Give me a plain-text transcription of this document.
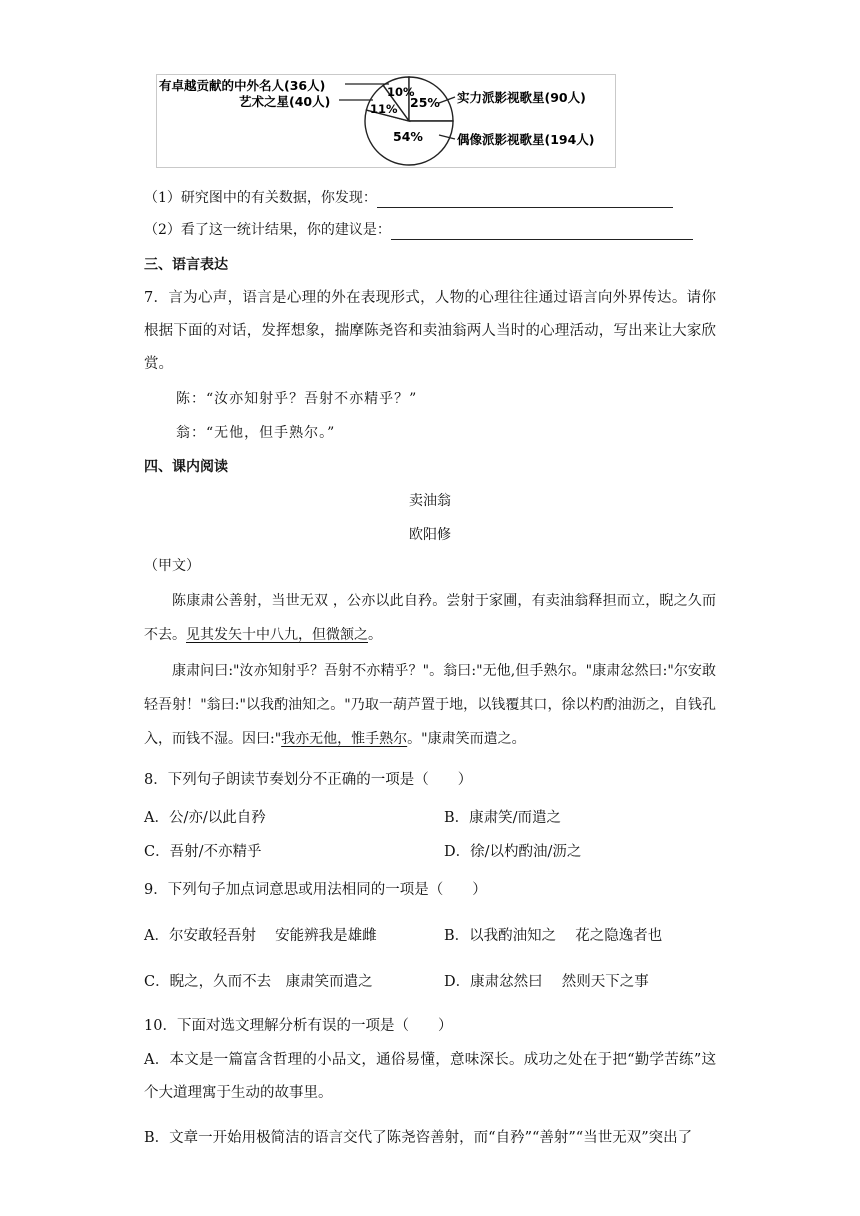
有卓越贡献的中外名人(36人)
艺术之星(40人)	实力派影视歌星(90人)
偶像派影视歌星(194人)
10%
11% 25%
54%
（1）研究图中的有关数据，你发现：
（2）看了这一统计结果，你的建议是：
三、语言表达
7．言为心声，语言是心理的外在表现形式，人物的心理往往通过语言向外界传达。请你根据下面的对话，发挥想象，揣摩陈尧咨和卖油翁两人当时的心理活动，写出来让大家欣赏。
陈：“汝亦知射乎？吾射不亦精乎？”
翁：“无他，但手熟尔。”
四、课内阅读
卖油翁
欧阳修
（甲文）
陈康肃公善射，当世无双 ，公亦以此自矜。尝射于家圃，有卖油翁释担而立，睨之久而不去。见其发矢十中八九，但微颔之。
康肃问曰:"汝亦知射乎？吾射不亦精乎？"。翁曰:"无他,但手熟尔。"康肃忿然曰:"尔安敢轻吾射！"翁曰:"以我酌油知之。"乃取一葫芦置于地，以钱覆其口，徐以杓酌油沥之，自钱孔入，而钱不湿。因曰:"我亦无他，惟手熟尔。"康肃笑而遣之。
8．下列句子朗读节奏划分不正确的一项是（　　）
A．公/亦/以此自矜	B．康肃笑/而遣之
C．吾射/不亦精乎	D．徐/以杓酌油/沥之
9．下列句子加点词意思或用法相同的一项是（　　）
A．尔安敢轻吾射　 安能辨我是雄雌	B．以我酌油知之　 花之隐逸者也
C．睨之，久而不去　康肃笑而遣之	D．康肃忿然曰　 然则天下之事
10．下面对选文理解分析有误的一项是（　　）
A．本文是一篇富含哲理的小品文，通俗易懂，意味深长。成功之处在于把“勤学苦练”这个大道理寓于生动的故事里。
B．文章一开始用极简洁的语言交代了陈尧咨善射，而“自矜”“善射”“当世无双”突出了
